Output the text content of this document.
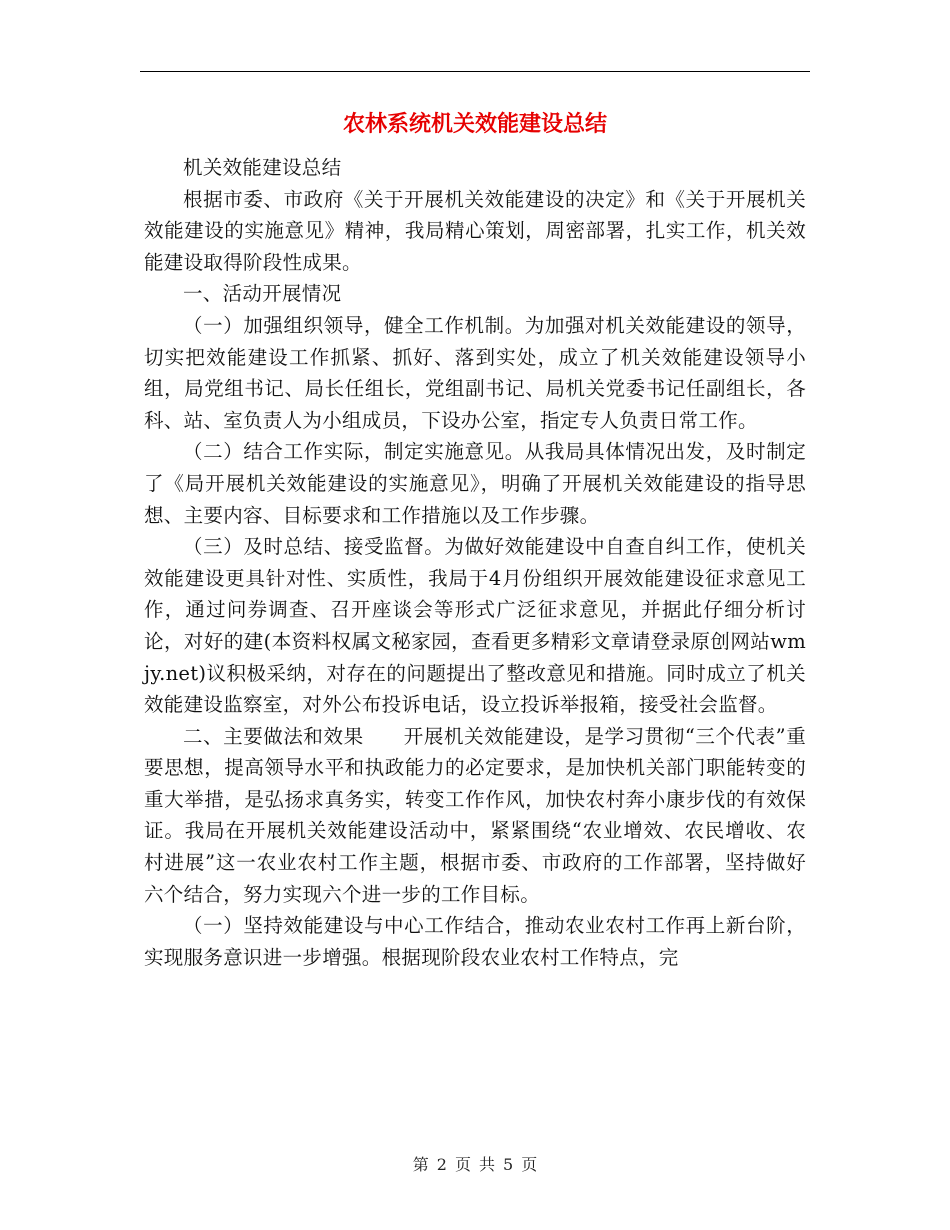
农林系统机关效能建设总结

机关效能建设总结

根据市委、市政府《关于开展机关效能建设的决定》和《关于开展机关效能建设的实施意见》精神，我局精心策划，周密部署，扎实工作，机关效能建设取得阶段性成果。

一、活动开展情况

（一）加强组织领导，健全工作机制。为加强对机关效能建设的领导，切实把效能建设工作抓紧、抓好、落到实处，成立了机关效能建设领导小组，局党组书记、局长任组长，党组副书记、局机关党委书记任副组长，各科、站、室负责人为小组成员，下设办公室，指定专人负责日常工作。

（二）结合工作实际，制定实施意见。从我局具体情况出发，及时制定了《局开展机关效能建设的实施意见》，明确了开展机关效能建设的指导思想、主要内容、目标要求和工作措施以及工作步骤。

（三）及时总结、接受监督。为做好效能建设中自查自纠工作，使机关效能建设更具针对性、实质性，我局于4月份组织开展效能建设征求意见工作，通过问券调查、召开座谈会等形式广泛征求意见，并据此仔细分析讨论，对好的建(本资料权属文秘家园，查看更多精彩文章请登录原创网站wmjy.net)议积极采纳，对存在的问题提出了整改意见和措施。同时成立了机关效能建设监察室，对外公布投诉电话，设立投诉举报箱，接受社会监督。

二、主要做法和效果　　开展机关效能建设，是学习贯彻“三个代表”重要思想，提高领导水平和执政能力的必定要求，是加快机关部门职能转变的重大举措，是弘扬求真务实，转变工作作风，加快农村奔小康步伐的有效保证。我局在开展机关效能建设活动中，紧紧围绕“农业增效、农民增收、农村进展”这一农业农村工作主题，根据市委、市政府的工作部署，坚持做好六个结合，努力实现六个进一步的工作目标。

（一）坚持效能建设与中心工作结合，推动农业农村工作再上新台阶，实现服务意识进一步增强。根据现阶段农业农村工作特点，完

第 2 页 共 5 页
